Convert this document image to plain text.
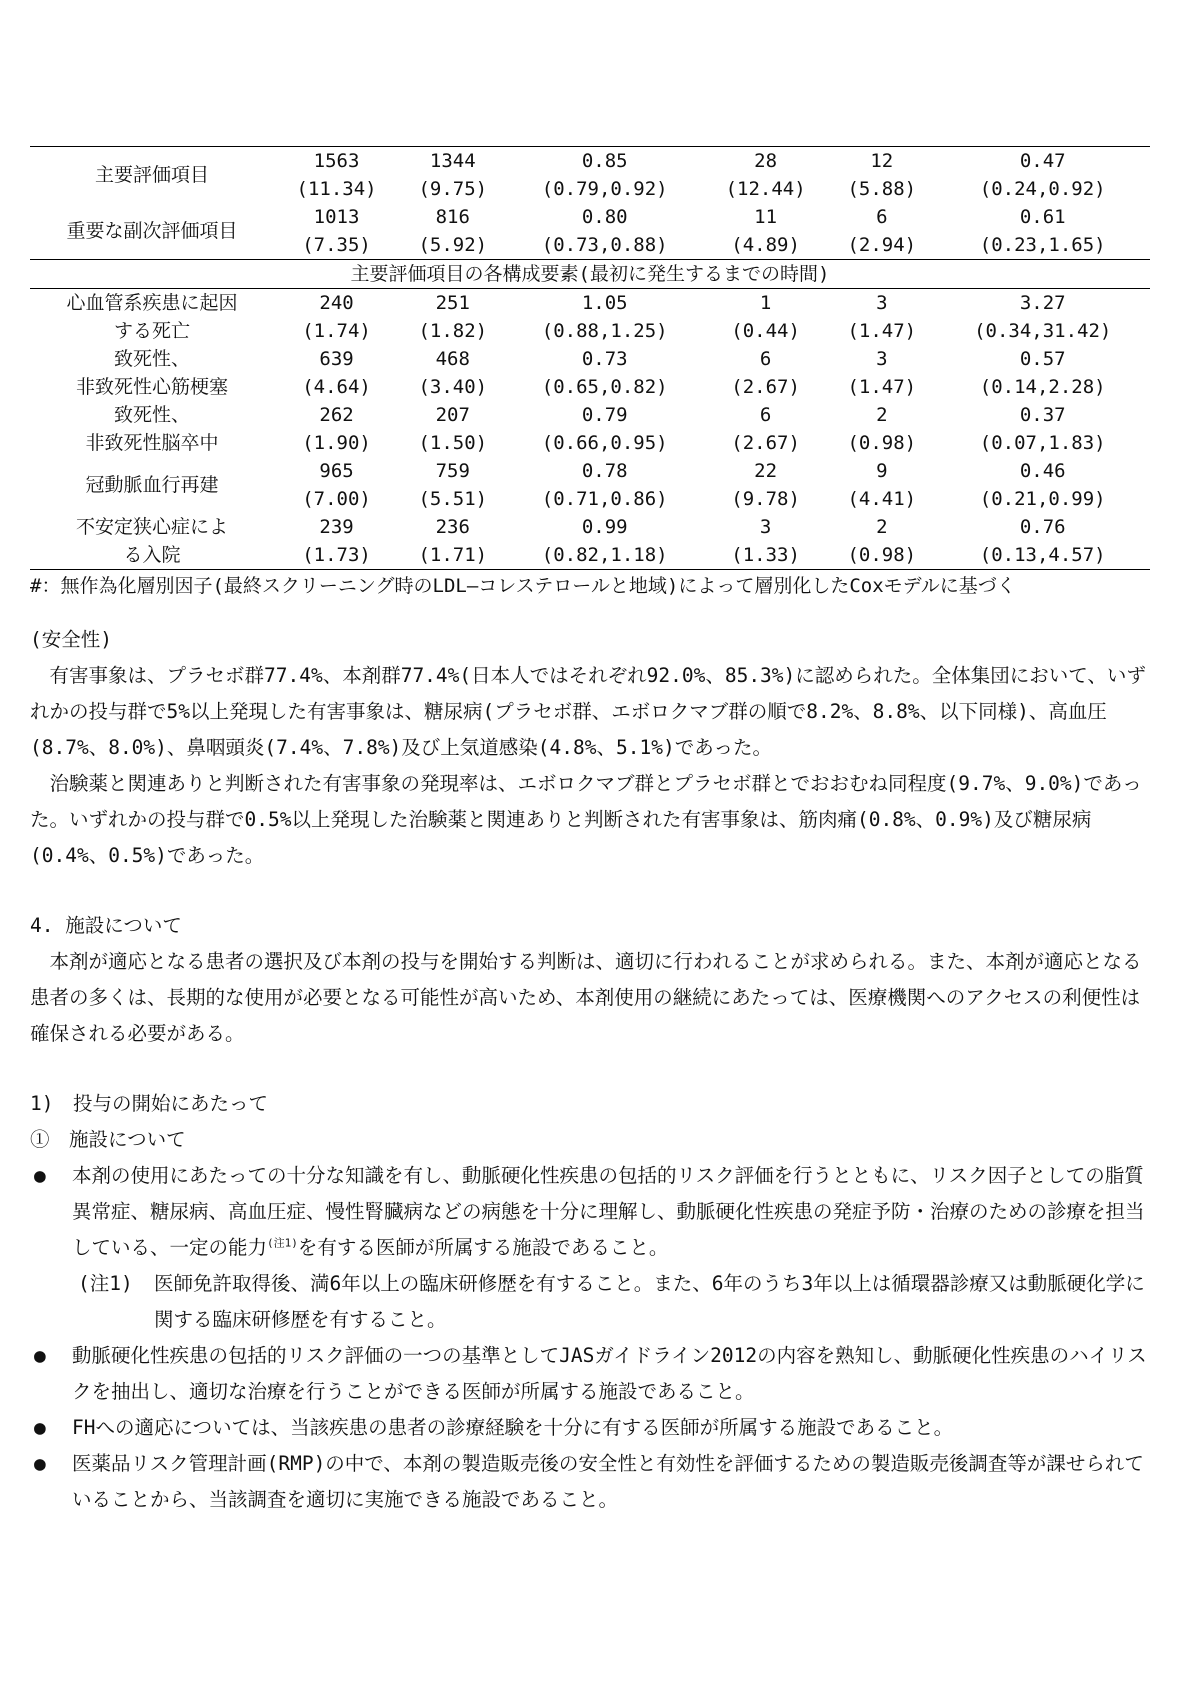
主要評価項目	1563	1344	0.85	28	12	0.47
	(11.34)	(9.75)	(0.79,0.92)	(12.44)	(5.88)	(0.24,0.92)
重要な副次評価項目	1013	816	0.80	11	6	0.61
	(7.35)	(5.92)	(0.73,0.88)	(4.89)	(2.94)	(0.23,1.65)
主要評価項目の各構成要素(最初に発生するまでの時間)						
心血管系疾患に起因	240	251	1.05	1	3	3.27
する死亡	(1.74)	(1.82)	(0.88,1.25)	(0.44)	(1.47)	(0.34,31.42)
致死性、	639	468	0.73	6	3	0.57
非致死性心筋梗塞	(4.64)	(3.40)	(0.65,0.82)	(2.67)	(1.47)	(0.14,2.28)
致死性、	262	207	0.79	6	2	0.37
非致死性脳卒中	(1.90)	(1.50)	(0.66,0.95)	(2.67)	(0.98)	(0.07,1.83)
冠動脈血行再建	965	759	0.78	22	9	0.46
	(7.00)	(5.51)	(0.71,0.86)	(9.78)	(4.41)	(0.21,0.99)
不安定狭心症によ	239	236	0.99	3	2	0.76
る入院	(1.73)	(1.71)	(0.82,1.18)	(1.33)	(0.98)	(0.13,4.57)
#：無作為化層別因子(最終スクリーニング時のLDL―コレステロールと地域)によって層別化したCoxモデルに基づく

(安全性)

有害事象は、プラセボ群77.4%、本剤群77.4%(日本人ではそれぞれ92.0%、85.3%)に認められた。全体集団において、いずれかの投与群で5%以上発現した有害事象は、糖尿病(プラセボ群、エボロクマブ群の順で8.2%、8.8%、以下同様)、高血圧(8.7%、8.0%)、鼻咽頭炎(7.4%、7.8%)及び上気道感染(4.8%、5.1%)であった。

治験薬と関連ありと判断された有害事象の発現率は、エボロクマブ群とプラセボ群とでおおむね同程度(9.7%、9.0%)であった。いずれかの投与群で0.5%以上発現した治験薬と関連ありと判断された有害事象は、筋肉痛(0.8%、0.9%)及び糖尿病(0.4%、0.5%)であった。

4. 施設について

本剤が適応となる患者の選択及び本剤の投与を開始する判断は、適切に行われることが求められる。また、本剤が適応となる患者の多くは、長期的な使用が必要となる可能性が高いため、本剤使用の継続にあたっては、医療機関へのアクセスの利便性は確保される必要がある。

1)　投与の開始にあたって

①　施設について

● 本剤の使用にあたっての十分な知識を有し、動脈硬化性疾患の包括的リスク評価を行うとともに、リスク因子としての脂質異常症、糖尿病、高血圧症、慢性腎臓病などの病態を十分に理解し、動脈硬化性疾患の発症予防・治療のための診療を担当している、一定の能力$^{(注1)}$を有する医師が所属する施設であること。
(注1)	医師免許取得後、満6年以上の臨床研修歴を有すること。また、6年のうち3年以上は循環器診療又は動脈硬化学に関する臨床研修歴を有すること。
● 動脈硬化性疾患の包括的リスク評価の一つの基準としてJASガイドライン2012の内容を熟知し、動脈硬化性疾患のハイリスクを抽出し、適切な治療を行うことができる医師が所属する施設であること。
● FHへの適応については、当該疾患の患者の診療経験を十分に有する医師が所属する施設であること。
● 医薬品リスク管理計画(RMP)の中で、本剤の製造販売後の安全性と有効性を評価するための製造販売後調査等が課せられていることから、当該調査を適切に実施できる施設であること。
